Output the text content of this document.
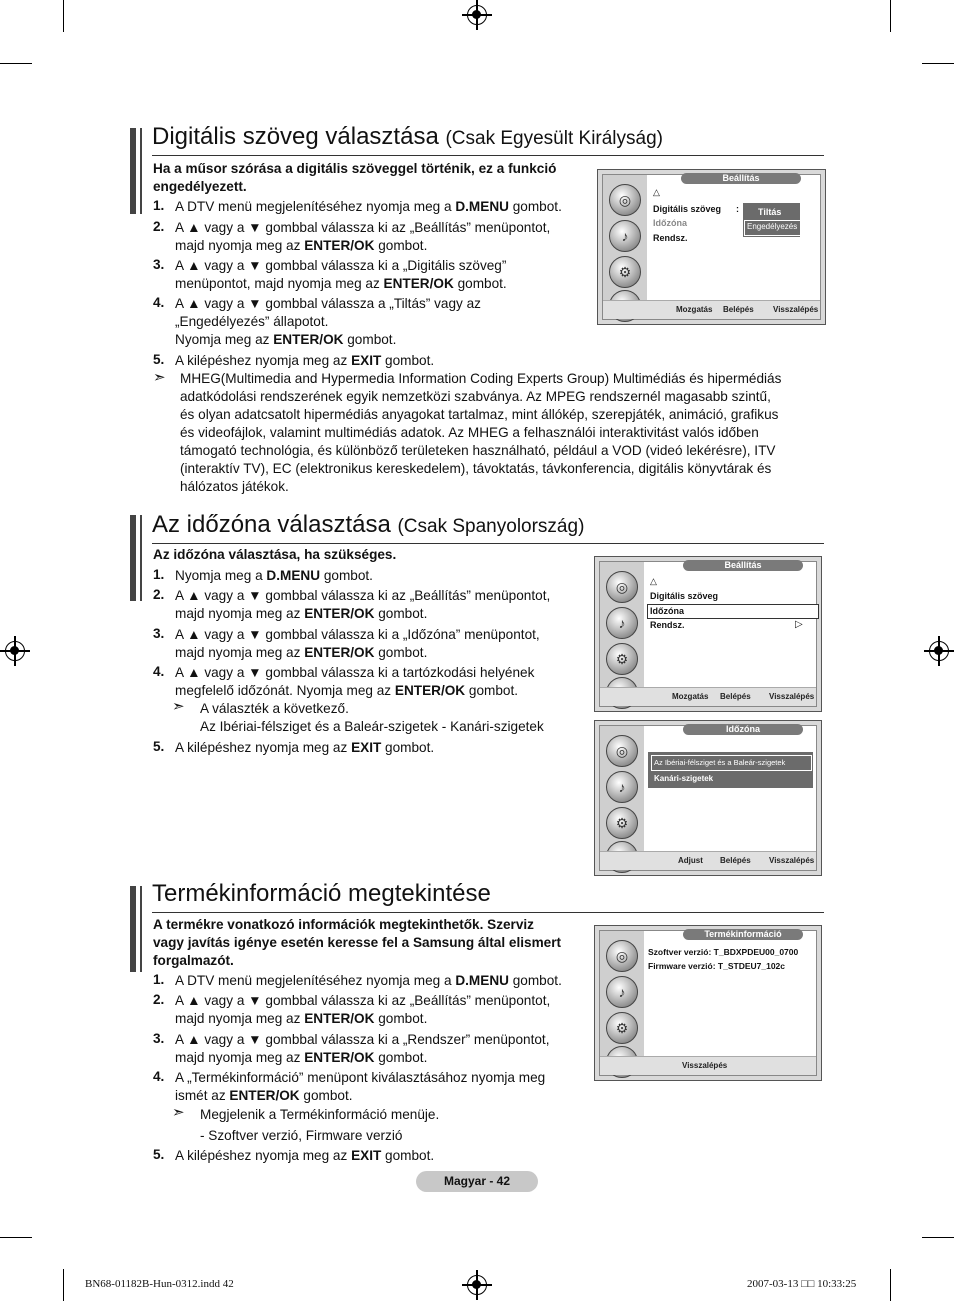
Digitális szöveg választása (Csak Egyesült Királyság)
Ha a műsor szórása a digitális szöveggel történik, ez a funkció engedélyezett.
1. A DTV menü megjelenítéséhez nyomja meg a D.MENU gombot.
2. A ▲ vagy a ▼ gombbal válassza ki az „Beállítás” menüpontot,
majd nyomja meg az ENTER/OK gombot.
3. A ▲ vagy a ▼ gombbal válassza ki a „Digitális szöveg”
menüpontot, majd nyomja meg az ENTER/OK gombot.
4. A ▲ vagy a ▼ gombbal válassza a „Tiltás” vagy az
„Engedélyezés” állapotot.
Nyomja meg az ENTER/OK gombot.
5. A kilépéshez nyomja meg az EXIT gombot.
➣ MHEG(Multimedia and Hypermedia Information Coding Experts Group) Multimédiás és hipermédiás
adatkódolási rendszerének egyik nemzetközi szabványa. Az MPEG rendszernél magasabb szintű,
és olyan adatcsatolt hipermédiás anyagokat tartalmaz, mint állókép, szerepjáték, animáció, grafikus
és videofájlok, valamint multimédiás adatok. Az MHEG a felhasználói interaktivitást valós időben
támogató technológia, és különböző területeken használható, például a VOD (videó lekérésre), ITV
(interaktív TV), EC (elektronikus kereskedelem), távoktatás, távkonferencia, digitális könyvtárak és
hálózatos játékok.
◎
♪
⚙
Beállítás
△
Digitális szöveg :
Időzóna
Rendsz.
Tiltás
Engedélyezés
Mozgatás Belépés Visszalépés
Az időzóna választása (Csak Spanyolország)
Az időzóna választása, ha szükséges.
1. Nyomja meg a D.MENU gombot.
2. A ▲ vagy a ▼ gombbal válassza ki az „Beállítás” menüpontot,
majd nyomja meg az ENTER/OK gombot.
3. A ▲ vagy a ▼ gombbal válassza ki a „Időzóna” menüpontot,
majd nyomja meg az ENTER/OK gombot.
4. A ▲ vagy a ▼ gombbal válassza ki a tartózkodási helyének
megfelelő időzónát. Nyomja meg az ENTER/OK gombot.
➣ A választék a következő.
Az Ibériai-félsziget és a Baleár-szigetek - Kanári-szigetek
5. A kilépéshez nyomja meg az EXIT gombot.
◎
♪
⚙
Beállítás
△
Digitális szöveg
Időzóna
Rendsz.	▷
Mozgatás Belépés Visszalépés
◎
♪
⚙
Időzóna
Az Ibériai-félsziget és a Baleár-szigetek
Kanári-szigetek
Adjust Belépés Visszalépés
Termékinformáció megtekintése
A termékre vonatkozó információk megtekinthetők. Szerviz
vagy javítás igénye esetén keresse fel a Samsung által elismert
forgalmazót.
1. A DTV menü megjelenítéséhez nyomja meg a D.MENU gombot.
2. A ▲ vagy a ▼ gombbal válassza ki az „Beállítás” menüpontot,
majd nyomja meg az ENTER/OK gombot.
3. A ▲ vagy a ▼ gombbal válassza ki a „Rendszer” menüpontot,
majd nyomja meg az ENTER/OK gombot.
4. A „Termékinformáció” menüpont kiválasztásához nyomja meg
ismét az ENTER/OK gombot.
➣ Megjelenik a Termékinformáció menüje.
- Szoftver verzió, Firmware verzió
5. A kilépéshez nyomja meg az EXIT gombot.
◎
♪
⚙
Termékinformáció
Szoftver verzió: T_BDXPDEU00_0700
Firmware verzió: T_STDEU7_102c
Visszalépés
Magyar - 42
BN68-01182B-Hun-0312.indd 42	2007-03-13 □□ 10:33:25
